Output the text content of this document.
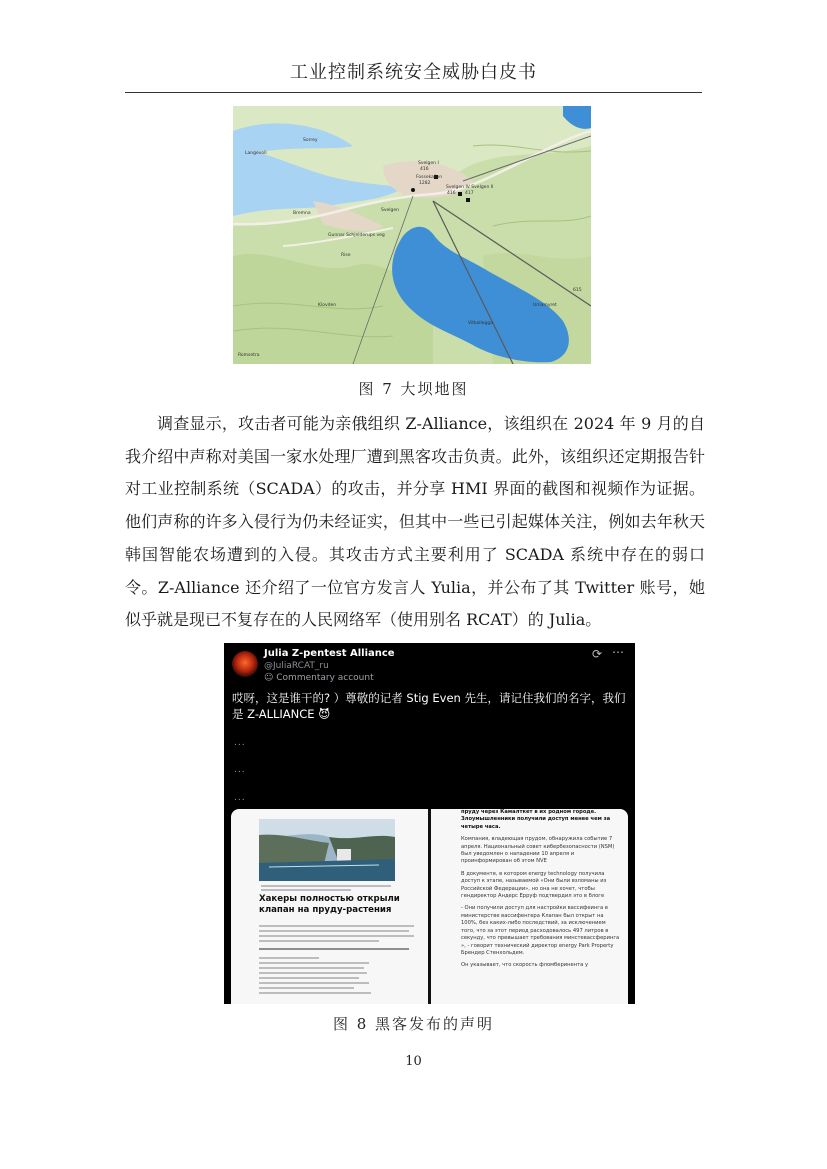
工业控制系统安全威胁白皮书
Svelgen I
416
Fossekallen
1282
Svelgen IV Svelgen II
416 417
Langevoll
Sorrey
Svelgen
Bremna
Gunnar Schjelderups veg
Rise
Klovden
Romsetra
Umamyret
Vitkallegga
615
图 7 大坝地图

调查显示，攻击者可能为亲俄组织 Z-Alliance，该组织在 2024 年 9 月的自我介绍中声称对美国一家水处理厂遭到黑客攻击负责。此外，该组织还定期报告针对工业控制系统（SCADA）的攻击，并分享 HMI 界面的截图和视频作为证据。他们声称的许多入侵行为仍未经证实，但其中一些已引起媒体关注，例如去年秋天韩国智能农场遭到的入侵。其攻击方式主要利用了 SCADA 系统中存在的弱口令。Z-Alliance 还介绍了一位官方发言人 Yulia，并公布了其 Twitter 账号，她似乎就是现已不复存在的人民网络军（使用别名 RCAT）的 Julia。

Julia Z-pentest Alliance
@JuliaRCAT_ru
☺ Commentary account
⟳ ⋯
哎呀，这是谁干的? ）尊敬的记者 Stig Even 先生，请记住我们的名字，我们是 Z-ALLIANCE 😈
...
...
...
Хакеры полностью открыли клапан на пруду-растения
пруду через Камалткет в их родном городе. Злоумышленники получили доступ менее чем за четыре часа.
Компания, владеющая прудом, обнаружила событие 7 апреля. Национальный совет кибербезопасности (NSM) был уведомлен о нападении 10 апреля и проинформирован об этом NVE
В документе, в котором energy technology получила доступ к этапе, называемой «Они были взломаны из Российской Федерации», но она не хочет, чтобы гендиректор Андерс Ерруф подтвердил это в блоге
- Они получили доступ для настройки вассифеинга в министерстве вассифенгера Клапан был открыт на 100%, без каких-либо последствий, за исключением того, что за этот период расходовалось 497 литров в секунду, что превышает требования минстевассферинга », - говорит технический директор energy Park Property Брендер Стенхольдем.
Он указывает, что скорость фломберинента у
图 8 黑客发布的声明
10
